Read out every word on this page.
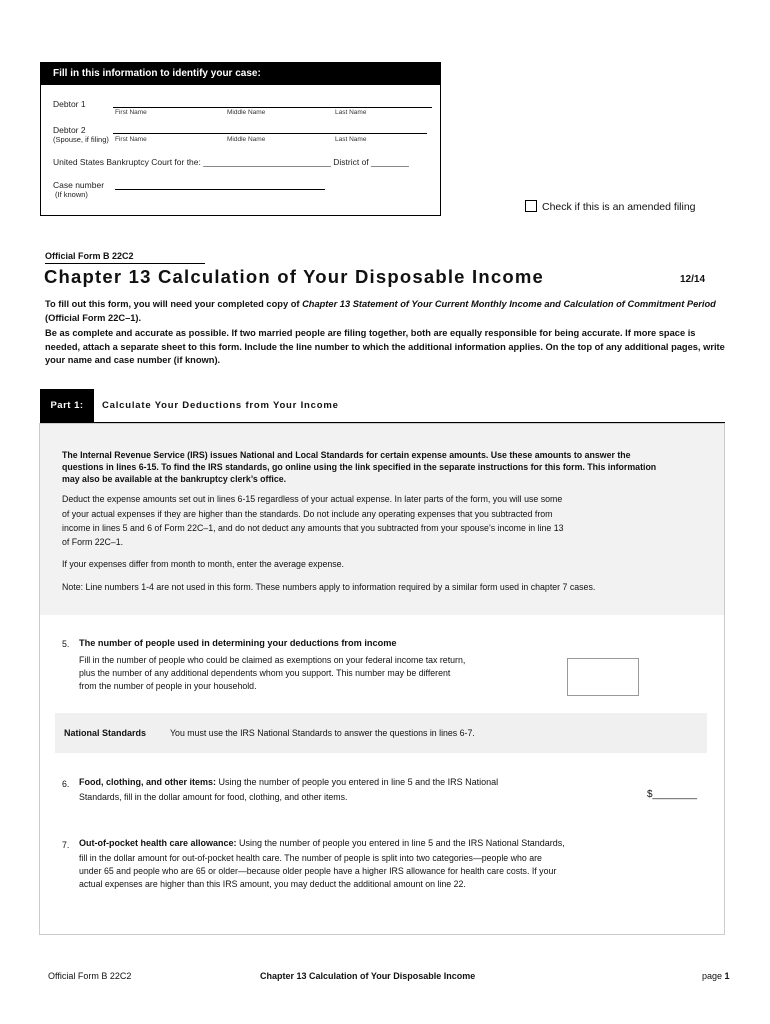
Fill in this information to identify your case:
Debtor 1
First Name	Middle Name	Last Name
Debtor 2
(Spouse, if filing) First Name	Middle Name	Last Name
United States Bankruptcy Court for the: ___________________________ District of ________
Case number
(If known)
Check if this is an amended filing
Official Form B 22C2
Chapter 13 Calculation of Your Disposable Income	12/14
To fill out this form, you will need your completed copy of Chapter 13 Statement of Your Current Monthly Income and Calculation of Commitment Period (Official Form 22C–1).
Be as complete and accurate as possible. If two married people are filing together, both are equally responsible for being accurate. If more space is needed, attach a separate sheet to this form. Include the line number to which the additional information applies. On the top of any additional pages, write your name and case number (if known).
Part 1:	Calculate Your Deductions from Your Income
The Internal Revenue Service (IRS) issues National and Local Standards for certain expense amounts. Use these amounts to answer the questions in lines 6-15. To find the IRS standards, go online using the link specified in the separate instructions for this form. This information may also be available at the bankruptcy clerk’s office.
Deduct the expense amounts set out in lines 6-15 regardless of your actual expense. In later parts of the form, you will use some
of your actual expenses if they are higher than the standards. Do not include any operating expenses that you subtracted from
income in lines 5 and 6 of Form 22C–1, and do not deduct any amounts that you subtracted from your spouse’s income in line 13
of Form 22C–1.
If your expenses differ from month to month, enter the average expense.
Note: Line numbers 1-4 are not used in this form. These numbers apply to information required by a similar form used in chapter 7 cases.
5. The number of people used in determining your deductions from income
Fill in the number of people who could be claimed as exemptions on your federal income tax return,
plus the number of any additional dependents whom you support. This number may be different
from the number of people in your household.
National Standards	You must use the IRS National Standards to answer the questions in lines 6-7.
6. Food, clothing, and other items: Using the number of people you entered in line 5 and the IRS National
Standards, fill in the dollar amount for food, clothing, and other items.	$________
7. Out-of-pocket health care allowance: Using the number of people you entered in line 5 and the IRS National Standards,
fill in the dollar amount for out-of-pocket health care. The number of people is split into two categories—people who are
under 65 and people who are 65 or older—because older people have a higher IRS allowance for health care costs. If your
actual expenses are higher than this IRS amount, you may deduct the additional amount on line 22.
Official Form B 22C2	Chapter 13 Calculation of Your Disposable Income	page 1
